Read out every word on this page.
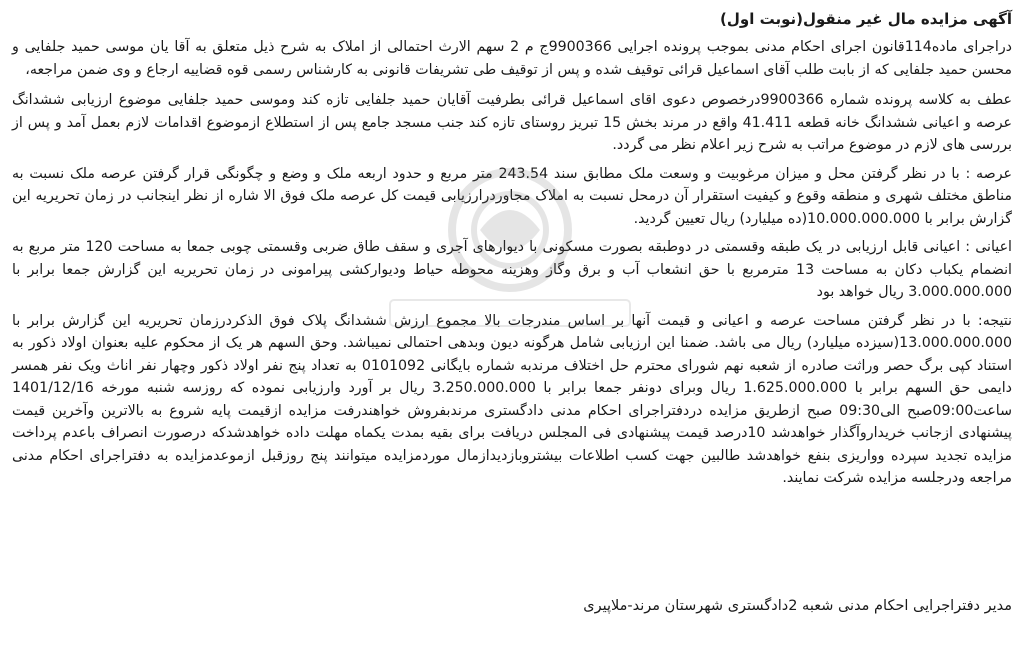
آگهی مزایده مال غیر منقول(نوبت اول)

دراجرای ماده114قانون اجرای احکام مدنی بموجب پرونده اجرایی 9900366ج م 2 سهم الارث احتمالی از املاک به شرح ذیل متعلق به آقا یان موسی حمید جلفایی و محسن حمید جلفایی که از بابت طلب آقای اسماعیل قرائی توقیف شده و پس از توقیف طی تشریفات قانونی به کارشناس رسمی قوه قضاییه ارجاع و وی ضمن مراجعه،

عطف به کلاسه پرونده شماره 9900366درخصوص دعوی اقای اسماعیل قرائی بطرفیت آقایان حمید جلفایی تازه کند وموسی حمید جلفایی موضوع ارزیابی ششدانگ عرصه و اعیانی ششدانگ خانه قطعه 41.411 واقع در مرند بخش 15 تبریز روستای تازه کند جنب مسجد جامع پس از استطلاع ازموضوع اقدامات لازم بعمل آمد و پس از بررسی های لازم در موضوع مراتب به شرح زیر اعلام نظر می گردد.

عرصه : با در نظر گرفتن محل و میزان مرغوبیت و وسعت ملک مطابق سند 243.54 متر مربع و حدود اربعه ملک و وضع و چگونگی قرار گرفتن عرصه ملک نسبت به مناطق مختلف شهری و منطقه وقوع و کیفیت استقرار آن درمحل نسبت به املاک مجاوردرارزیابی قیمت کل عرصه ملک فوق الا شاره از نظر اینجانب در زمان تحریریه این گزارش برابر با 10.000.000.000(ده میلیارد) ریال تعیین گردید.

اعیانی : اعیانی قابل ارزیابی در یک طبقه وقسمتی در دوطبقه بصورت مسکونی با دیوارهای آجری و سقف طاق ضربی وقسمتی چوبی جمعا به مساحت 120 متر مربع به انضمام یکباب دکان به مساحت 13 مترمربع با حق انشعاب آب و برق وگاز وهزینه محوطه حیاط ودیوارکشی پیرامونی در زمان تحریریه این گزارش جمعا برابر با 3.000.000.000 ریال خواهد بود

نتیجه: با در نظر گرفتن مساحت عرصه و اعیانی و قیمت آنها بر اساس مندرجات بالا مجموع ارزش ششدانگ پلاک فوق الذکردرزمان تحریریه این گزارش برابر با 13.000.000.000(سیزده میلیارد) ریال می باشد. ضمنا این ارزیابی شامل هرگونه دیون وبدهی احتمالی نمیباشد. وحق السهم هر یک از محکوم علیه بعنوان اولاد ذکور به استناد کپی برگ حصر وراثت صادره از شعبه نهم شورای محترم حل اختلاف مرندبه شماره بایگانی 0101092 به تعداد پنج نفر اولاد ذکور وچهار نفر اناث ویک نفر همسر دایمی حق السهم برابر با 1.625.000.000 ریال وبرای دونفر جمعا برابر با 3.250.000.000 ریال بر آورد وارزیابی نموده که روزسه شنبه مورخه 1401/12/16 ساعت09:00صبح الی09:30 صبح ازطریق مزایده دردفتراجرای احکام مدنی دادگستری مرندبفروش خواهندرفت مزایده ازقیمت پایه شروع به بالاترین وآخرین قیمت پیشنهادی ازجانب خریداروآگذار خواهدشد 10درصد قیمت پیشنهادی فی المجلس دریافت برای بقیه بمدت یکماه مهلت داده خواهدشدکه درصورت انصراف باعدم پرداخت مزایده تجدید سپرده وواریزی بنفع خواهدشد طالبین جهت کسب اطلاعات بیشتروبازدیدازمال موردمزایده میتوانند پنج روزقبل ازموعدمزایده به دفتراجرای احکام مدنی مراجعه ودرجلسه مزایده شرکت نمایند.

مدیر دفتراجرایی احکام مدنی شعبه 2دادگستری شهرستان مرند-ملاپیری
